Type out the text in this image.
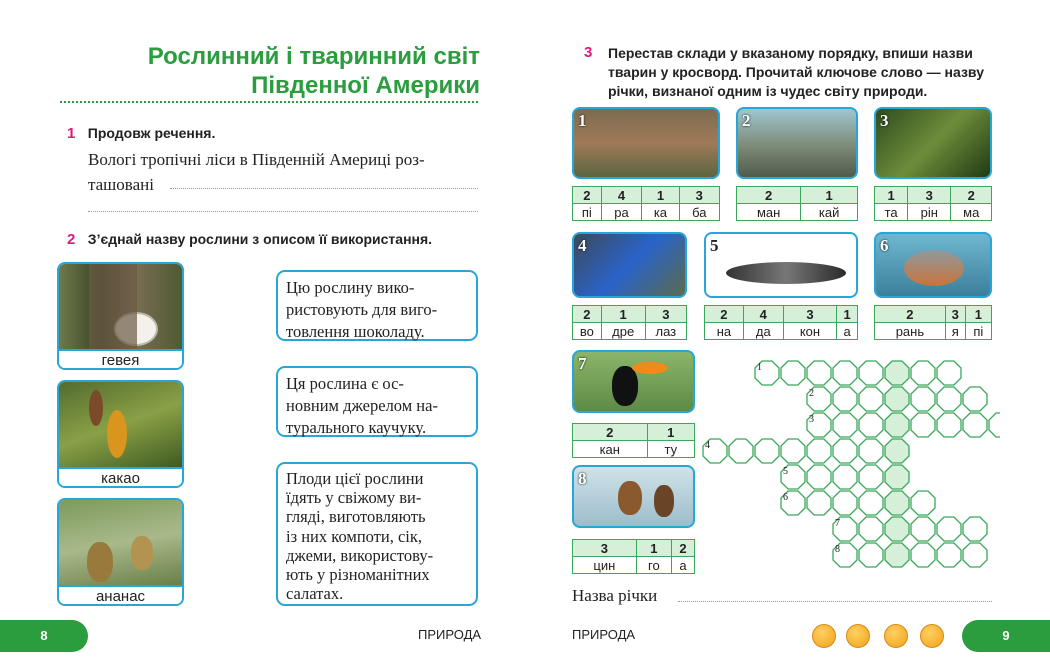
Рослинний і тваринний світ
Південної Америки
1 Продовж речення.
Вологі тропічні ліси в Південній Америці роз-
ташовані
2 З’єднай назву рослини з описом її використання.
гевея
какао
ананас
Цю рослину вико-
ристовують для виго-
товлення шоколаду.
Ця рослина є ос-
новним джерелом на-
турального каучуку.
Плоди цієї рослини
їдять у свіжому ви-
гляді, виготовляють
із них компоти, сік,
джеми, використову-
ють у різноманітних
салатах.
8	ПРИРОДА
3 Перестав склади у вказаному порядку, впиши назви
тварин у кросворд. Прочитай ключове слово — назву
річки, визнаної одним із чудес світу природи.
1	2	3
4	5	6
7
8
2	4	1	3
пі	ра	ка	ба
2	1
ман	кай
1	3	2
та	рін	ма
2	1	3
во	дре	лаз
2	4	3	1
на	да	кон	а
2	3	1
рань	я	пі
2	1
кан	ту
3	1	2
цин	го	а
1
2
3
4
5
6
7
8
Назва річки
ПРИРОДА	9
